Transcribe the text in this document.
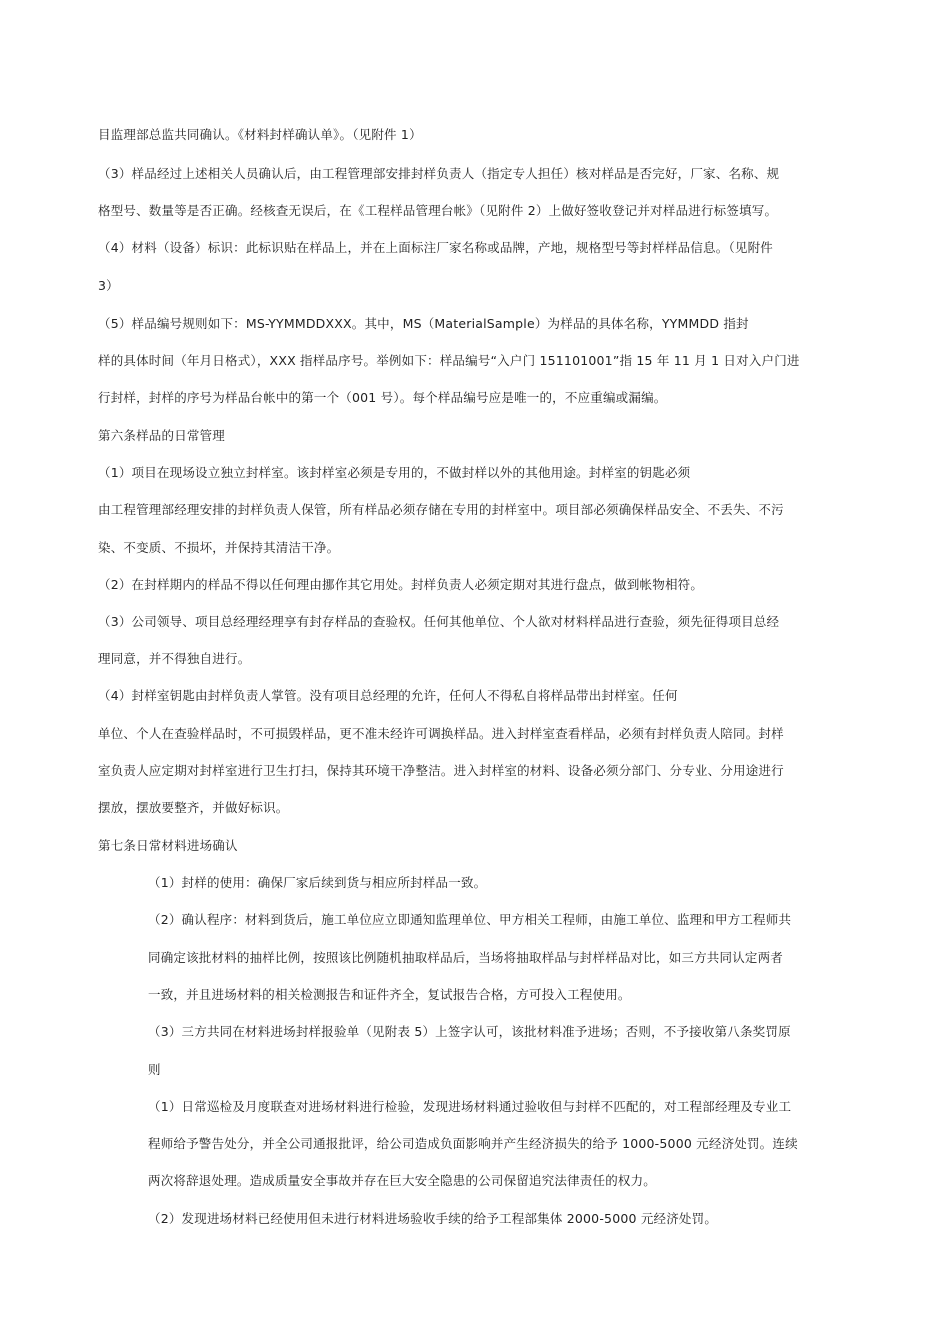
目监理部总监共同确认。《材料封样确认单》。（见附件 1）
（3）样品经过上述相关人员确认后，由工程管理部安排封样负责人（指定专人担任）核对样品是否完好，厂家、名称、规
格型号、数量等是否正确。经核查无误后，在《工程样品管理台帐》（见附件 2）上做好签收登记并对样品进行标签填写。
（4）材料（设备）标识：此标识贴在样品上，并在上面标注厂家名称或品牌，产地，规格型号等封样样品信息。（见附件
3）
（5）样品编号规则如下：MS-YYMMDDXXX。其中，MS（MaterialSample）为样品的具体名称，YYMMDD 指封
样的具体时间（年月日格式），XXX 指样品序号。举例如下：样品编号“入户门 151101001”指 15 年 11 月 1 日对入户门进
行封样，封样的序号为样品台帐中的第一个（001 号）。每个样品编号应是唯一的，不应重编或漏编。
第六条样品的日常管理
（1）项目在现场设立独立封样室。该封样室必须是专用的，不做封样以外的其他用途。封样室的钥匙必须
由工程管理部经理安排的封样负责人保管，所有样品必须存储在专用的封样室中。项目部必须确保样品安全、不丢失、不污
染、不变质、不损坏，并保持其清洁干净。
（2）在封样期内的样品不得以任何理由挪作其它用处。封样负责人必须定期对其进行盘点，做到帐物相符。
（3）公司领导、项目总经理经理享有封存样品的查验权。任何其他单位、个人欲对材料样品进行查验，须先征得项目总经
理同意，并不得独自进行。
（4）封样室钥匙由封样负责人掌管。没有项目总经理的允许，任何人不得私自将样品带出封样室。任何
单位、个人在查验样品时，不可损毁样品，更不准未经许可调换样品。进入封样室查看样品，必须有封样负责人陪同。封样
室负责人应定期对封样室进行卫生打扫，保持其环境干净整洁。进入封样室的材料、设备必须分部门、分专业、分用途进行
摆放，摆放要整齐，并做好标识。
第七条日常材料进场确认
（1）封样的使用：确保厂家后续到货与相应所封样品一致。
（2）确认程序：材料到货后，施工单位应立即通知监理单位、甲方相关工程师，由施工单位、监理和甲方工程师共
同确定该批材料的抽样比例，按照该比例随机抽取样品后，当场将抽取样品与封样样品对比，如三方共同认定两者
一致，并且进场材料的相关检测报告和证件齐全，复试报告合格，方可投入工程使用。
（3）三方共同在材料进场封样报验单（见附表 5）上签字认可，该批材料准予进场；否则，不予接收第八条奖罚原
则
（1）日常巡检及月度联查对进场材料进行检验，发现进场材料通过验收但与封样不匹配的，对工程部经理及专业工
程师给予警告处分，并全公司通报批评，给公司造成负面影响并产生经济损失的给予 1000-5000 元经济处罚。连续
两次将辞退处理。造成质量安全事故并存在巨大安全隐患的公司保留追究法律责任的权力。
（2）发现进场材料已经使用但未进行材料进场验收手续的给予工程部集体 2000-5000 元经济处罚。
